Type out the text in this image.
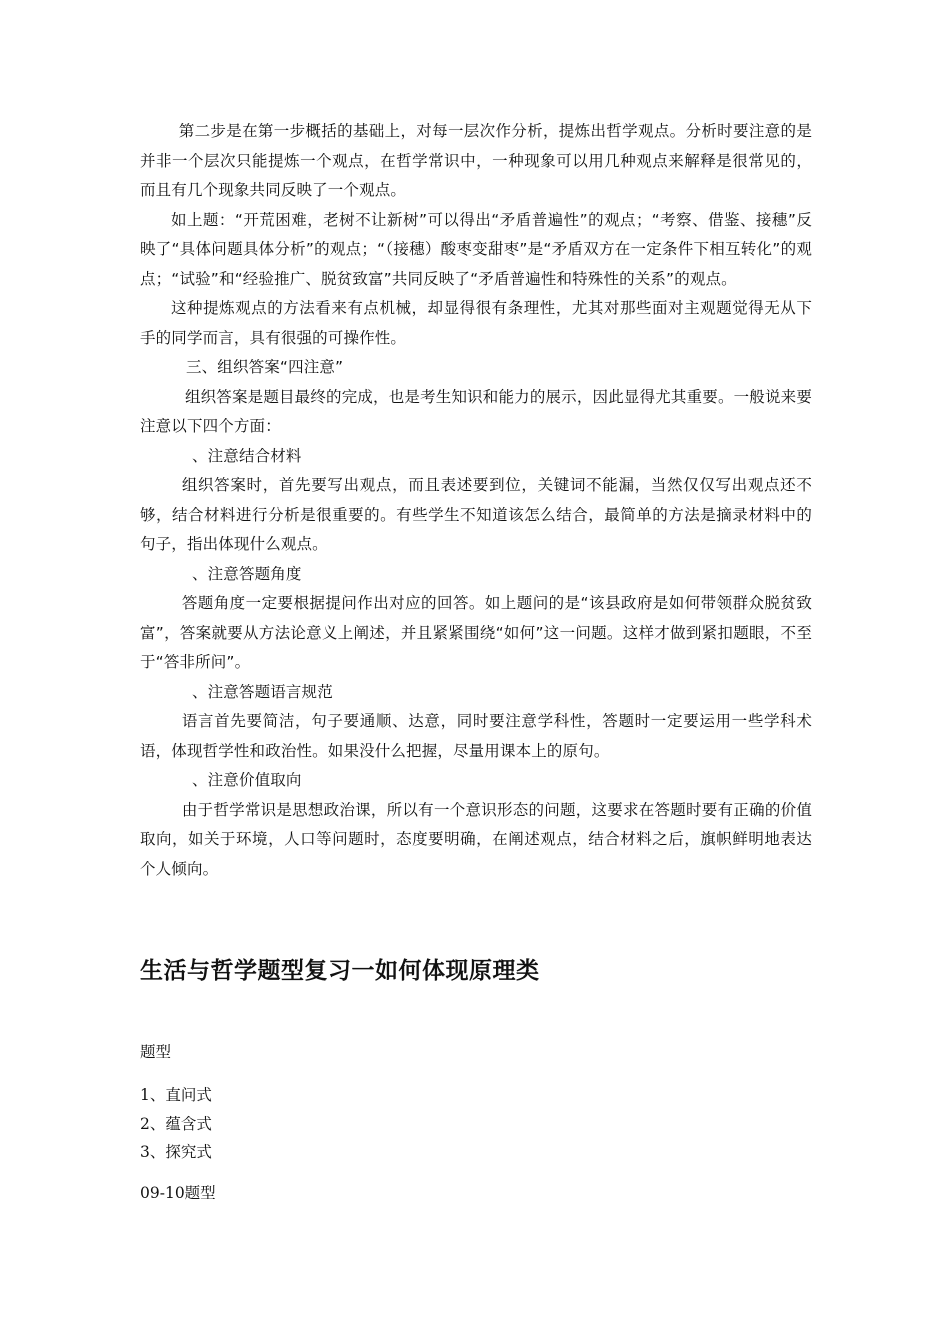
第二步是在第一步概括的基础上，对每一层次作分析，提炼出哲学观点。分析时要注意的是并非一个层次只能提炼一个观点，在哲学常识中，一种现象可以用几种观点来解释是很常见的，而且有几个现象共同反映了一个观点。

如上题：“开荒困难，老树不让新树”可以得出“矛盾普遍性”的观点；“考察、借鉴、接穗”反映了“具体问题具体分析”的观点；“（接穗）酸枣变甜枣”是“矛盾双方在一定条件下相互转化”的观点；“试验”和“经验推广、脱贫致富”共同反映了“矛盾普遍性和特殊性的关系”的观点。

这种提炼观点的方法看来有点机械，却显得很有条理性，尤其对那些面对主观题觉得无从下手的同学而言，具有很强的可操作性。

三、组织答案“四注意”

组织答案是题目最终的完成，也是考生知识和能力的展示，因此显得尤其重要。一般说来要注意以下四个方面：

、注意结合材料

组织答案时，首先要写出观点，而且表述要到位，关键词不能漏，当然仅仅写出观点还不够，结合材料进行分析是很重要的。有些学生不知道该怎么结合，最简单的方法是摘录材料中的句子，指出体现什么观点。

、注意答题角度

答题角度一定要根据提问作出对应的回答。如上题问的是“该县政府是如何带领群众脱贫致富”，答案就要从方法论意义上阐述，并且紧紧围绕“如何”这一问题。这样才做到紧扣题眼，不至于“答非所问”。

、注意答题语言规范

语言首先要简洁，句子要通顺、达意，同时要注意学科性，答题时一定要运用一些学科术语，体现哲学性和政治性。如果没什么把握，尽量用课本上的原句。

、注意价值取向

由于哲学常识是思想政治课，所以有一个意识形态的问题，这要求在答题时要有正确的价值取向，如关于环境，人口等问题时，态度要明确，在阐述观点，结合材料之后，旗帜鲜明地表达个人倾向。

生活与哲学题型复习一如何体现原理类
题型
1、直问式
2、蕴含式
3、探究式
09-10题型
